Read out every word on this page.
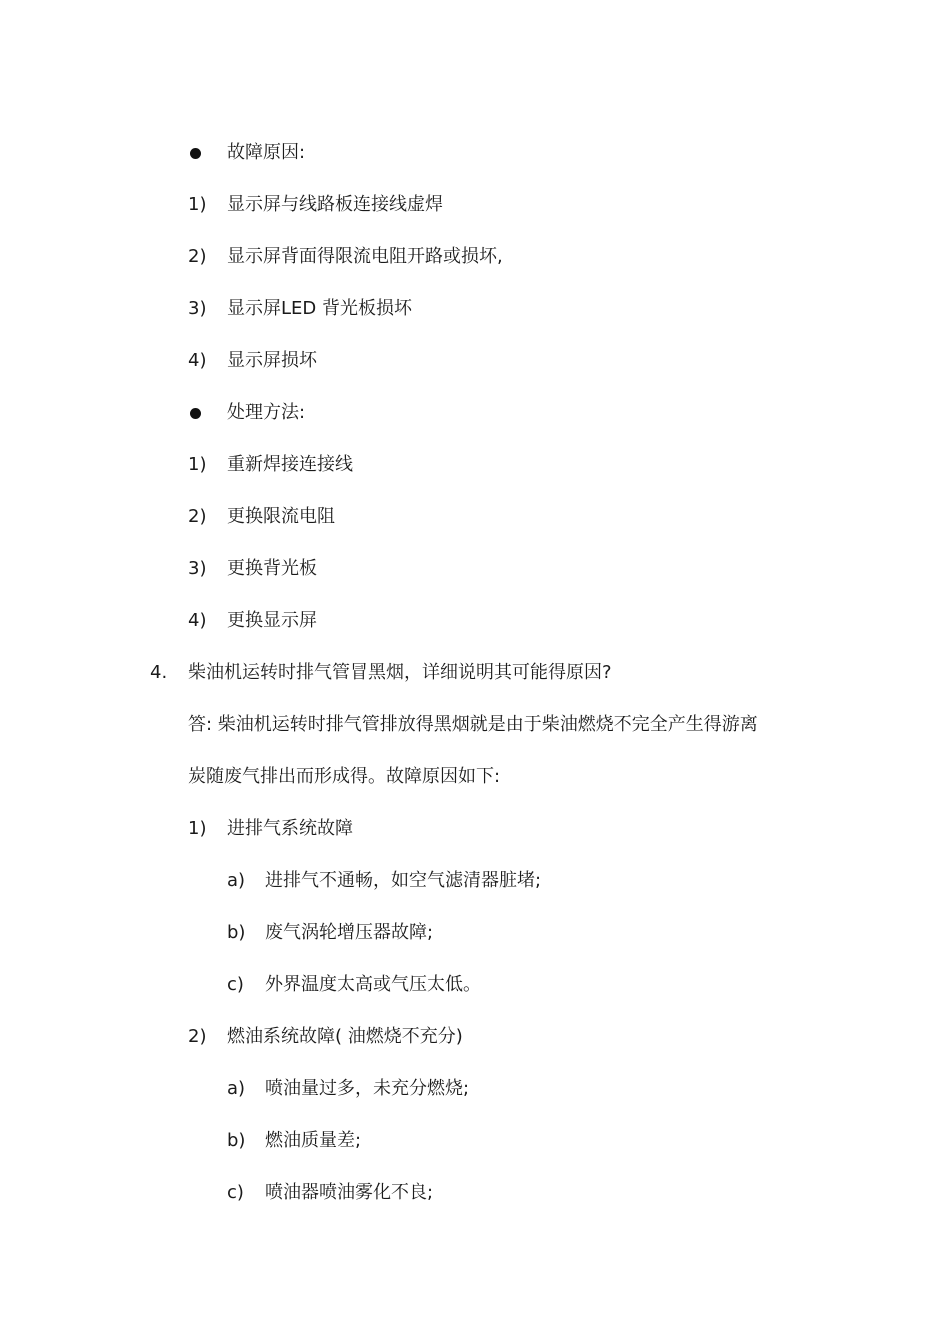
故障原因:
1) 显示屏与线路板连接线虚焊
2) 显示屏背面得限流电阻开路或损坏,
3) 显示屏LED 背光板损坏
4) 显示屏损坏
处理方法:
1) 重新焊接连接线
2) 更换限流电阻
3) 更换背光板
4) 更换显示屏
4. 柴油机运转时排气管冒黑烟，详细说明其可能得原因?
答: 柴油机运转时排气管排放得黑烟就是由于柴油燃烧不完全产生得游离
炭随废气排出而形成得。故障原因如下:
1) 进排气系统故障
a) 进排气不通畅，如空气滤清器脏堵;
b) 废气涡轮增压器故障;
c) 外界温度太高或气压太低。
2) 燃油系统故障( 油燃烧不充分)
a) 喷油量过多，未充分燃烧;
b) 燃油质量差;
c) 喷油器喷油雾化不良;
